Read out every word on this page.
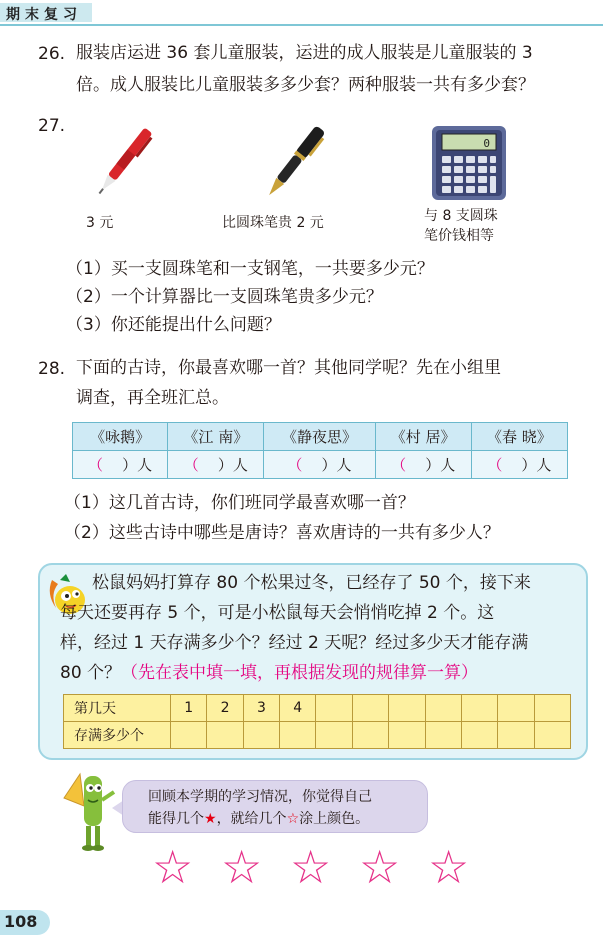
期末复习
26. 服装店运进 36 套儿童服装，运进的成人服装是儿童服装的 3
倍。成人服装比儿童服装多多少套？两种服装一共有多少套？
27.
0
3 元	比圆珠笔贵 2 元	与 8 支圆珠
笔价钱相等
（1）买一支圆珠笔和一支钢笔，一共要多少元？
（2）一个计算器比一支圆珠笔贵多少元？
（3）你还能提出什么问题？
28. 下面的古诗，你最喜欢哪一首？其他同学呢？先在小组里
调查，再全班汇总。
《咏鹅》	《江 南》	《静夜思》	《村 居》	《春 晓》
（ ）人	（ ）人	（ ）人	（ ）人	（ ）人
（1）这几首古诗，你们班同学最喜欢哪一首？
（2）这些古诗中哪些是唐诗？喜欢唐诗的一共有多少人？
松鼠妈妈打算存 80 个松果过冬，已经存了 50 个，接下来
每天还要再存 5 个，可是小松鼠每天会悄悄吃掉 2 个。这
样，经过 1 天存满多少个？经过 2 天呢？经过多少天才能存满
80 个？（先在表中填一填，再根据发现的规律算一算）
第几天	1	2	3	4							
存满多少个											
回顾本学期的学习情况，你觉得自己
能得几个★，就给几个☆涂上颜色。
☆ ☆ ☆ ☆ ☆
108
